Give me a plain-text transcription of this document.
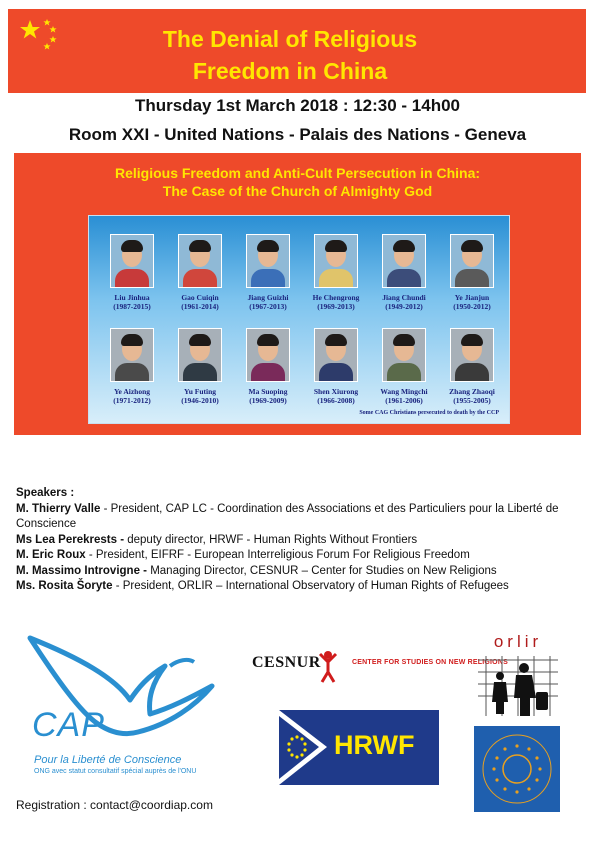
The Denial of Religious
Freedom in China
Thursday 1st March 2018 : 12:30 - 14h00
Room XXI - United Nations - Palais des Nations - Geneva
Religious Freedom and Anti-Cult Persecution in China:
The Case of the Church of Almighty God
Some CAG Christians persecuted to death by the CCP
Liu Jinhua
(1987-2015)
Gao Cuiqin
(1961-2014)
Jiang Guizhi
(1967-2013)
He Chengrong
(1969-2013)
Jiang Chundi
(1949-2012)
Ye Jianjun
(1950-2012)
Ye Aizhong
(1971-2012)
Yu Futing
(1946-2010)
Ma Suoping
(1969-2009)
Shen Xiurong
(1966-2008)
Wang Mingchi
(1961-2006)
Zhang Zhaoqi
(1955-2005)

Speakers :

M. Thierry Valle - President, CAP LC - Coordination des Associations et des Particuliers pour la Liberté de Conscience

Ms Lea Perekrests - deputy director, HRWF - Human Rights Without Frontiers

M. Eric Roux - President, EIFRF - European Interreligious Forum For Religious Freedom

M. Massimo Introvigne - Managing Director, CESNUR – Center for Studies on New Religions

Ms. Rosita Šoryte - President, ORLIR – International Observatory of Human Rights of Refugees

CAP
Pour la Liberté de Conscience
ONG avec statut consultatif spécial auprès de l'ONU
CESNUR	CENTER FOR STUDIES ON NEW RELIGIONS
HRWF
orlir
Registration : contact@coordiap.com
